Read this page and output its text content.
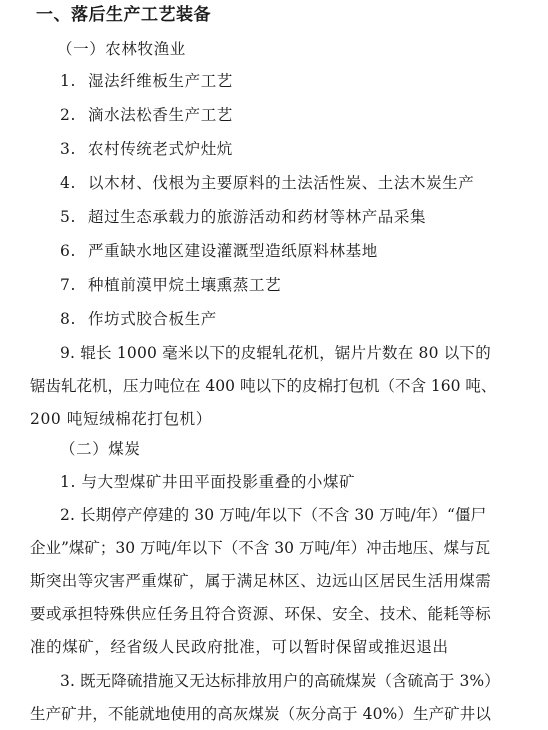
一、落后生产工艺装备
（一）农林牧渔业
1. 湿法纤维板生产工艺
2. 滴水法松香生产工艺
3. 农村传统老式炉灶炕
4. 以木材、伐根为主要原料的土法活性炭、土法木炭生产
5. 超过生态承载力的旅游活动和药材等林产品采集
6. 严重缺水地区建设灌溉型造纸原料林基地
7. 种植前漠甲烷土壤熏蒸工艺
8. 作坊式胶合板生产
9. 辊长 1000 毫米以下的皮辊轧花机，锯片片数在 80 以下的
锯齿轧花机，压力吨位在 400 吨以下的皮棉打包机（不含 160 吨、
200 吨短绒棉花打包机）
（二）煤炭
1. 与大型煤矿井田平面投影重叠的小煤矿
2. 长期停产停建的 30 万吨/年以下（不含 30 万吨/年）“僵尸
企业”煤矿；30 万吨/年以下（不含 30 万吨/年）冲击地压、煤与瓦
斯突出等灾害严重煤矿，属于满足林区、边远山区居民生活用煤需
要或承担特殊供应任务且符合资源、环保、安全、技术、能耗等标
准的煤矿，经省级人民政府批准，可以暂时保留或推迟退出
3. 既无降硫措施又无达标排放用户的高硫煤炭（含硫高于 3%）
生产矿井，不能就地使用的高灰煤炭（灰分高于 40%）生产矿井以
